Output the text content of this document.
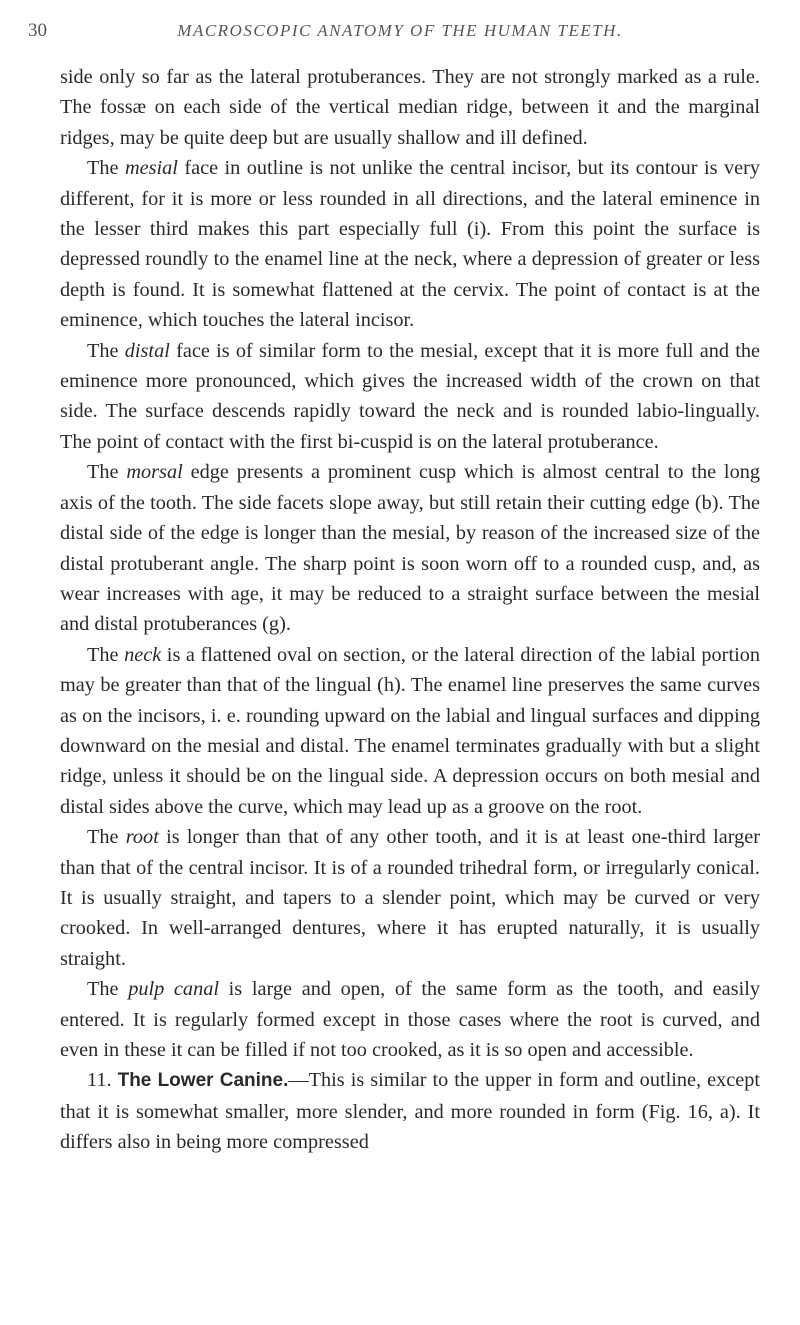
30	MACROSCOPIC ANATOMY OF THE HUMAN TEETH.

side only so far as the lateral protuberances. They are not strongly marked as a rule. The fossæ on each side of the vertical median ridge, between it and the marginal ridges, may be quite deep but are usually shallow and ill defined.

The mesial face in outline is not unlike the central incisor, but its contour is very different, for it is more or less rounded in all directions, and the lateral eminence in the lesser third makes this part especially full (i). From this point the surface is depressed roundly to the enamel line at the neck, where a depression of greater or less depth is found. It is somewhat flattened at the cervix. The point of contact is at the eminence, which touches the lateral incisor.

The distal face is of similar form to the mesial, except that it is more full and the eminence more pronounced, which gives the increased width of the crown on that side. The surface descends rapidly toward the neck and is rounded labio-lingually. The point of contact with the first bi-cuspid is on the lateral protuberance.

The morsal edge presents a prominent cusp which is almost central to the long axis of the tooth. The side facets slope away, but still retain their cutting edge (b). The distal side of the edge is longer than the mesial, by reason of the increased size of the distal protuberant angle. The sharp point is soon worn off to a rounded cusp, and, as wear increases with age, it may be reduced to a straight surface between the mesial and distal protuberances (g).

The neck is a flattened oval on section, or the lateral direction of the labial portion may be greater than that of the lingual (h). The enamel line preserves the same curves as on the incisors, i. e. rounding upward on the labial and lingual surfaces and dipping downward on the mesial and distal. The enamel terminates gradually with but a slight ridge, unless it should be on the lingual side. A depression occurs on both mesial and distal sides above the curve, which may lead up as a groove on the root.

The root is longer than that of any other tooth, and it is at least one-third larger than that of the central incisor. It is of a rounded trihedral form, or irregularly conical. It is usually straight, and tapers to a slender point, which may be curved or very crooked. In well-arranged dentures, where it has erupted naturally, it is usually straight.

The pulp canal is large and open, of the same form as the tooth, and easily entered. It is regularly formed except in those cases where the root is curved, and even in these it can be filled if not too crooked, as it is so open and accessible.

11. The Lower Canine.—This is similar to the upper in form and outline, except that it is somewhat smaller, more slender, and more rounded in form (Fig. 16, a). It differs also in being more compressed
